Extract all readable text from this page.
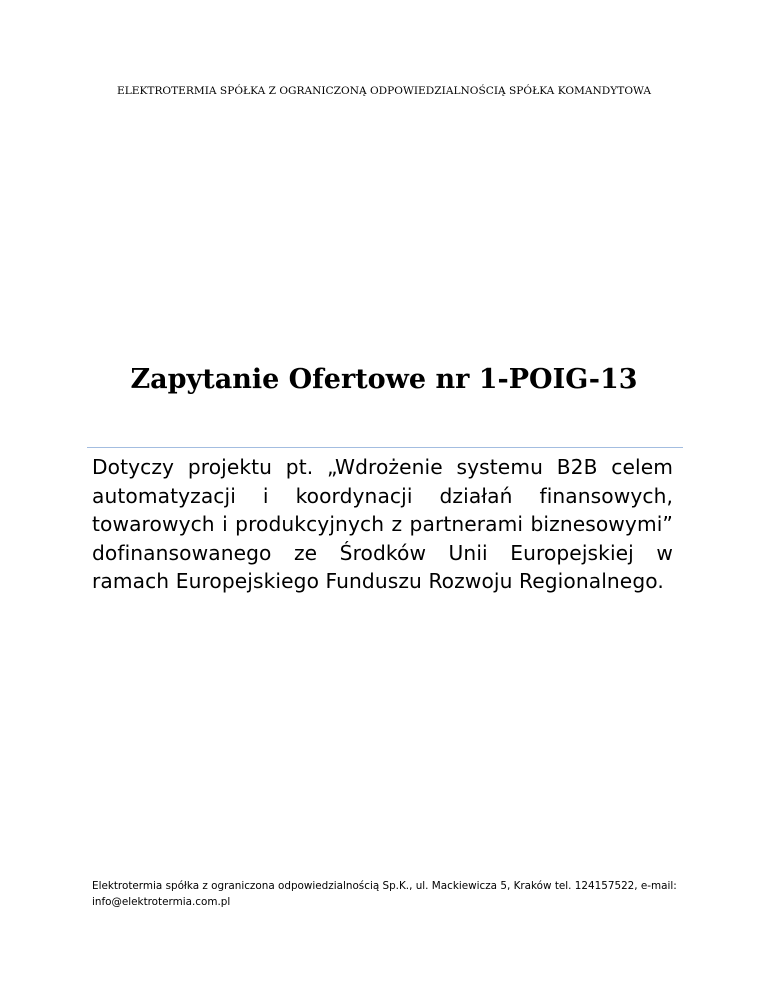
ELEKTROTERMIA SPÓŁKA Z OGRANICZONĄ ODPOWIEDZIALNOŚCIĄ SPÓŁKA KOMANDYTOWA
Zapytanie Ofertowe nr 1-POIG-13
Dotyczy projektu pt. „Wdrożenie systemu B2B celem automatyzacji i koordynacji działań finansowych, towarowych i produkcyjnych z partnerami biznesowymi” dofinansowanego ze Środków Unii Europejskiej w ramach Europejskiego Funduszu Rozwoju Regionalnego.
Elektrotermia spółka z ograniczona odpowiedzialnością Sp.K., ul. Mackiewicza 5, Kraków tel. 124157522, e-mail: info@elektrotermia.com.pl
